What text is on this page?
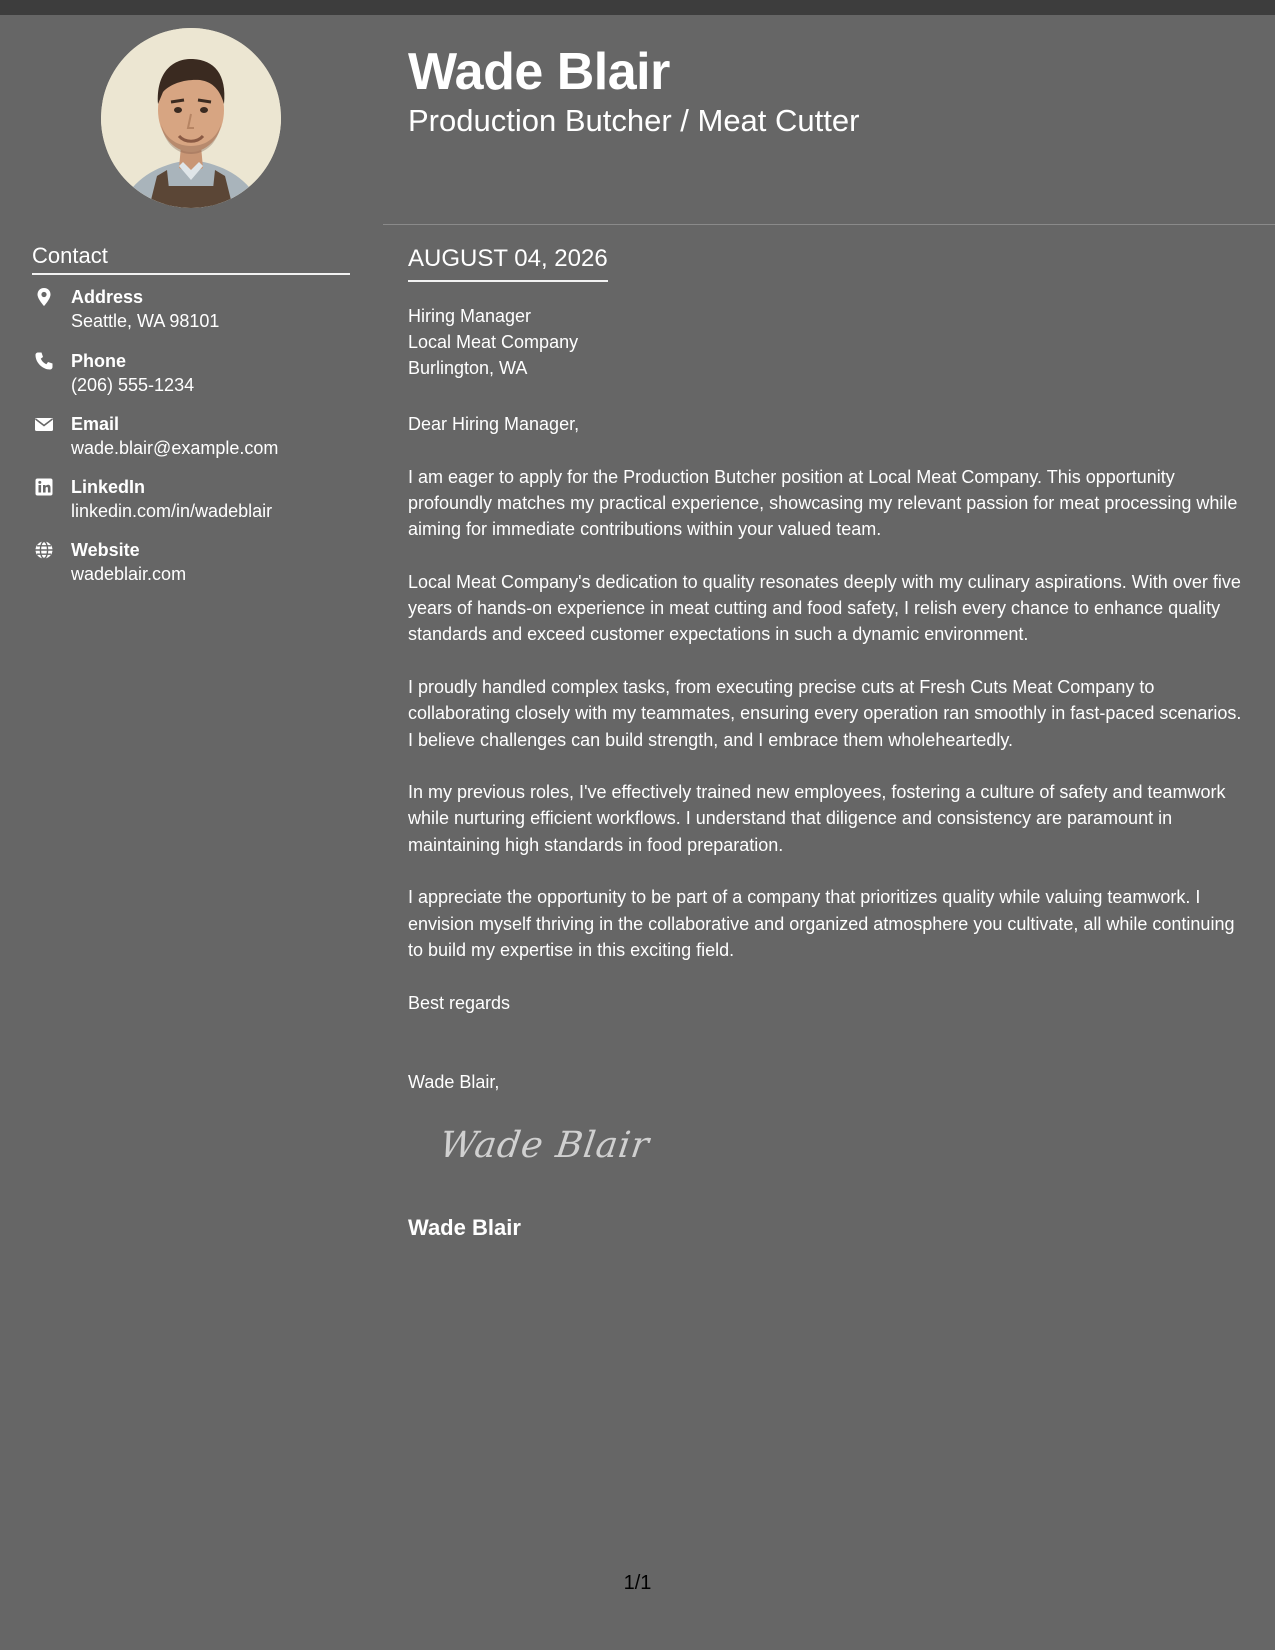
Contact
Address
Seattle, WA 98101
Phone
(206) 555-1234
Email
wade.blair@example.com
LinkedIn
linkedin.com/in/wadeblair
Website
wadeblair.com
Wade Blair
Production Butcher / Meat Cutter
AUGUST 04, 2026
Hiring Manager
Local Meat Company
Burlington, WA

Dear Hiring Manager,

I am eager to apply for the Production Butcher position at Local Meat Company. This opportunity profoundly matches my practical experience, showcasing my relevant passion for meat processing while aiming for immediate contributions within your valued team.

Local Meat Company's dedication to quality resonates deeply with my culinary aspirations. With over five years of hands-on experience in meat cutting and food safety, I relish every chance to enhance quality standards and exceed customer expectations in such a dynamic environment.

I proudly handled complex tasks, from executing precise cuts at Fresh Cuts Meat Company to collaborating closely with my teammates, ensuring every operation ran smoothly in fast-paced scenarios. I believe challenges can build strength, and I embrace them wholeheartedly.

In my previous roles, I've effectively trained new employees, fostering a culture of safety and teamwork while nurturing efficient workflows. I understand that diligence and consistency are paramount in maintaining high standards in food preparation.

I appreciate the opportunity to be part of a company that prioritizes quality while valuing teamwork. I envision myself thriving in the collaborative and organized atmosphere you cultivate, all while continuing to build my expertise in this exciting field.

Best regards
Wade Blair,
Wade Blair
Wade Blair
1/1
